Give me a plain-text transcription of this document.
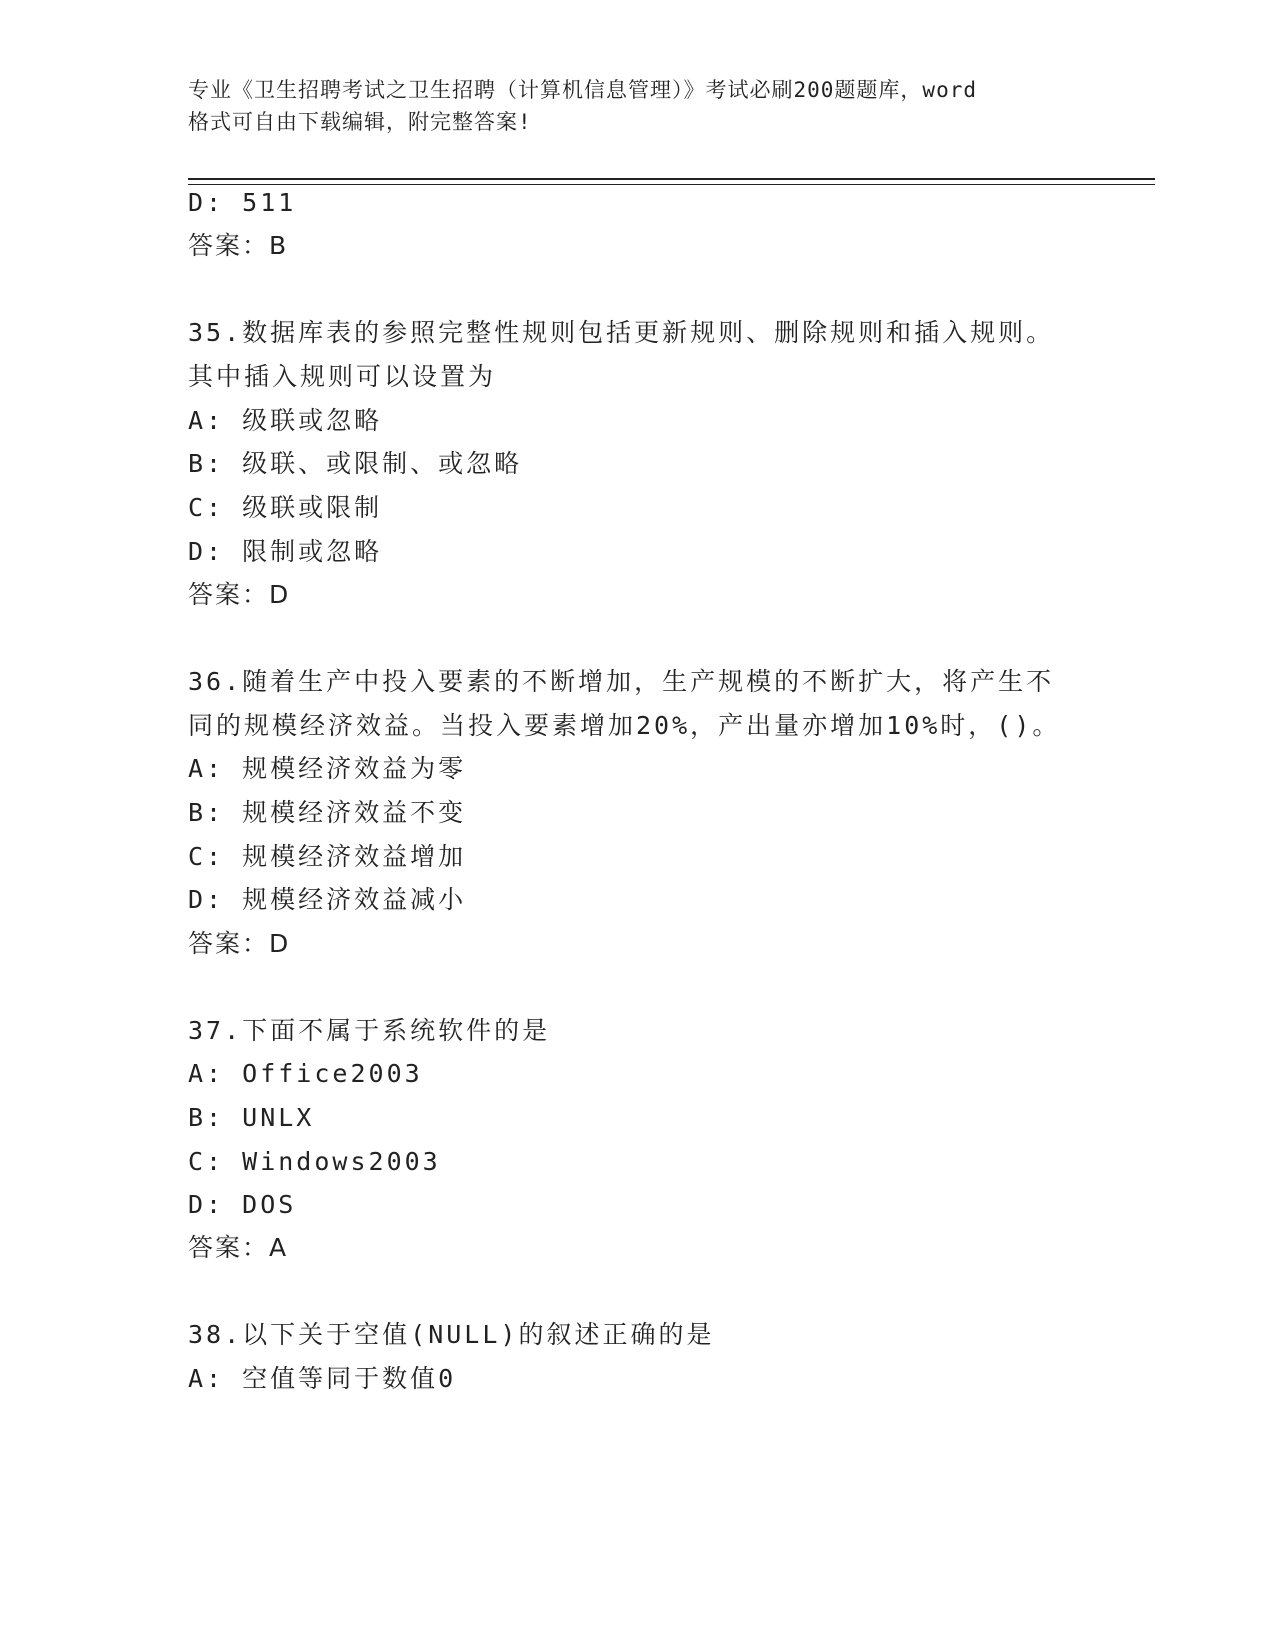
专业《卫生招聘考试之卫生招聘（计算机信息管理）》考试必刷200题题库，word
格式可自由下载编辑，附完整答案!
D: 511
答案：B
35.数据库表的参照完整性规则包括更新规则、删除规则和插入规则。
其中插入规则可以设置为
A: 级联或忽略
B: 级联、或限制、或忽略
C: 级联或限制
D: 限制或忽略
答案：D
36.随着生产中投入要素的不断增加，生产规模的不断扩大，将产生不
同的规模经济效益。当投入要素增加20%，产出量亦增加10%时，()。
A: 规模经济效益为零
B: 规模经济效益不变
C: 规模经济效益增加
D: 规模经济效益减小
答案：D
37.下面不属于系统软件的是
A: Office2003
B: UNLX
C: Windows2003
D: DOS
答案：A
38.以下关于空值(NULL)的叙述正确的是
A: 空值等同于数值0
